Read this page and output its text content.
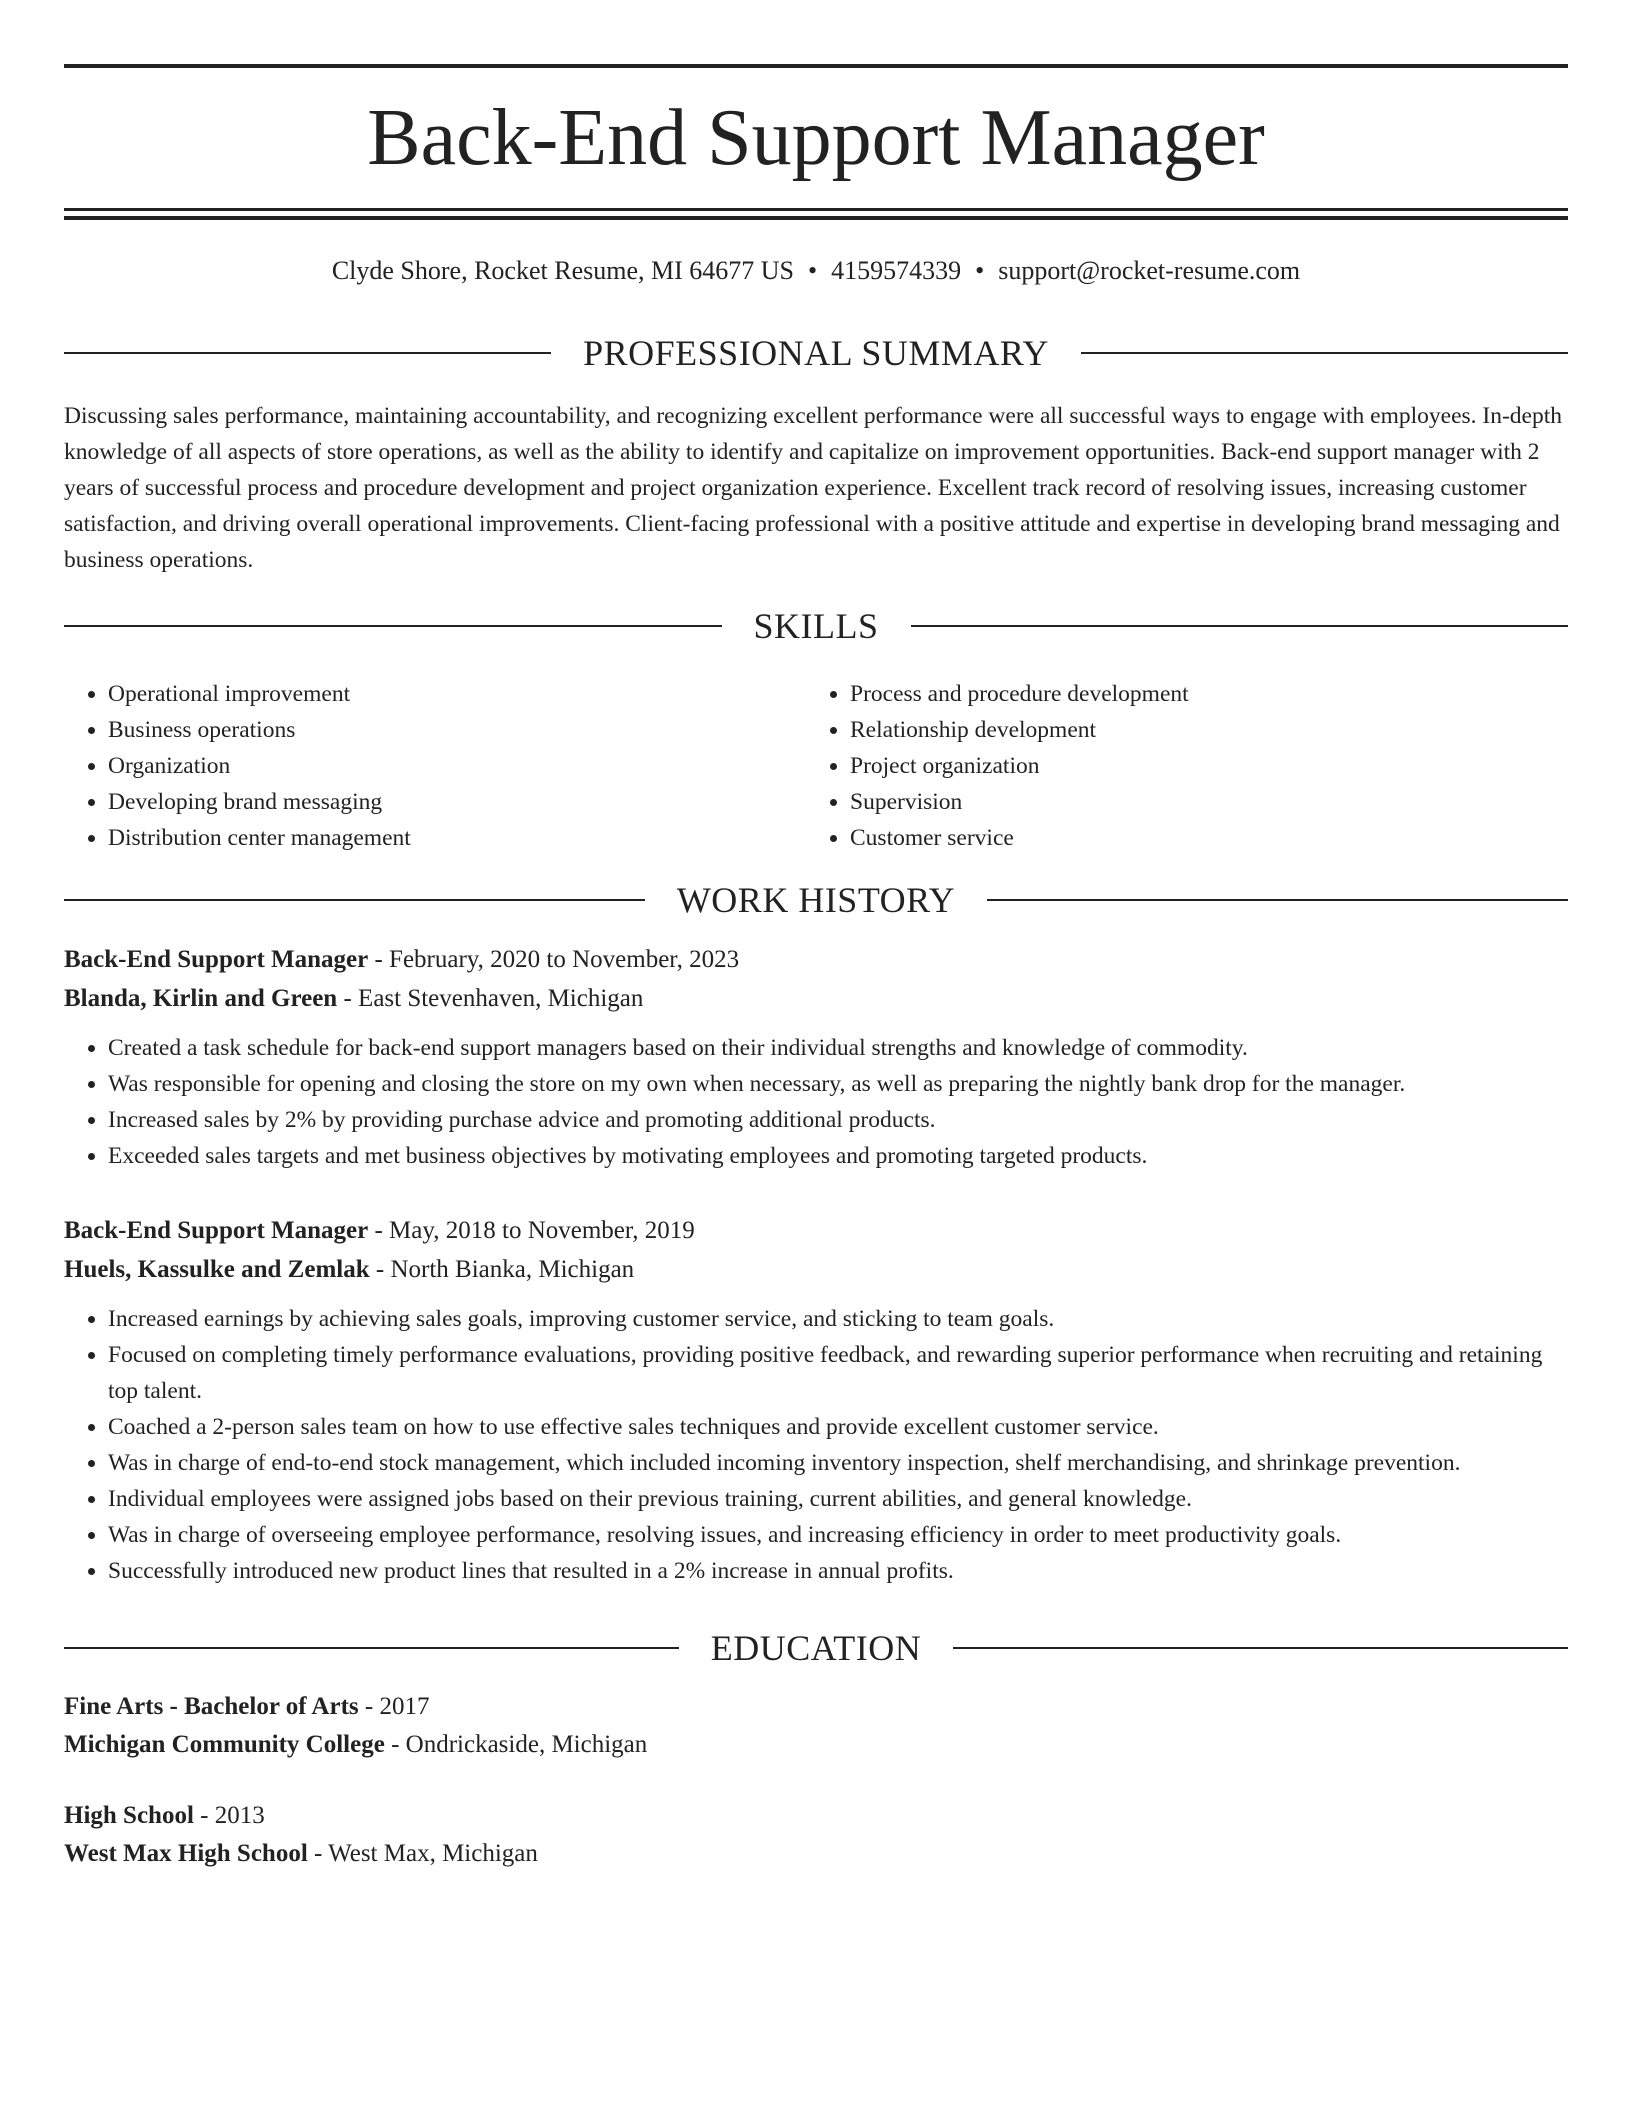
Back-End Support Manager
Clyde Shore, Rocket Resume, MI 64677 US • 4159574339 • support@rocket-resume.com
PROFESSIONAL SUMMARY

Discussing sales performance, maintaining accountability, and recognizing excellent performance were all successful ways to engage with employees. In-depth knowledge of all aspects of store operations, as well as the ability to identify and capitalize on improvement opportunities. Back-end support manager with 2 years of successful process and procedure development and project organization experience. Excellent track record of resolving issues, increasing customer satisfaction, and driving overall operational improvements. Client-facing professional with a positive attitude and expertise in developing brand messaging and business operations.

SKILLS
• Operational improvement
• Business operations
• Organization
• Developing brand messaging
• Distribution center management
• Process and procedure development
• Relationship development
• Project organization
• Supervision
• Customer service
WORK HISTORY

Back-End Support Manager - February, 2020 to November, 2023

Blanda, Kirlin and Green - East Stevenhaven, Michigan

• Created a task schedule for back-end support managers based on their individual strengths and knowledge of commodity.
• Was responsible for opening and closing the store on my own when necessary, as well as preparing the nightly bank drop for the manager.
• Increased sales by 2% by providing purchase advice and promoting additional products.
• Exceeded sales targets and met business objectives by motivating employees and promoting targeted products.

Back-End Support Manager - May, 2018 to November, 2019

Huels, Kassulke and Zemlak - North Bianka, Michigan

• Increased earnings by achieving sales goals, improving customer service, and sticking to team goals.
• Focused on completing timely performance evaluations, providing positive feedback, and rewarding superior performance when recruiting and retaining top talent.
• Coached a 2-person sales team on how to use effective sales techniques and provide excellent customer service.
• Was in charge of end-to-end stock management, which included incoming inventory inspection, shelf merchandising, and shrinkage prevention.
• Individual employees were assigned jobs based on their previous training, current abilities, and general knowledge.
• Was in charge of overseeing employee performance, resolving issues, and increasing efficiency in order to meet productivity goals.
• Successfully introduced new product lines that resulted in a 2% increase in annual profits.
EDUCATION

Fine Arts - Bachelor of Arts - 2017

Michigan Community College - Ondrickaside, Michigan

High School - 2013

West Max High School - West Max, Michigan
